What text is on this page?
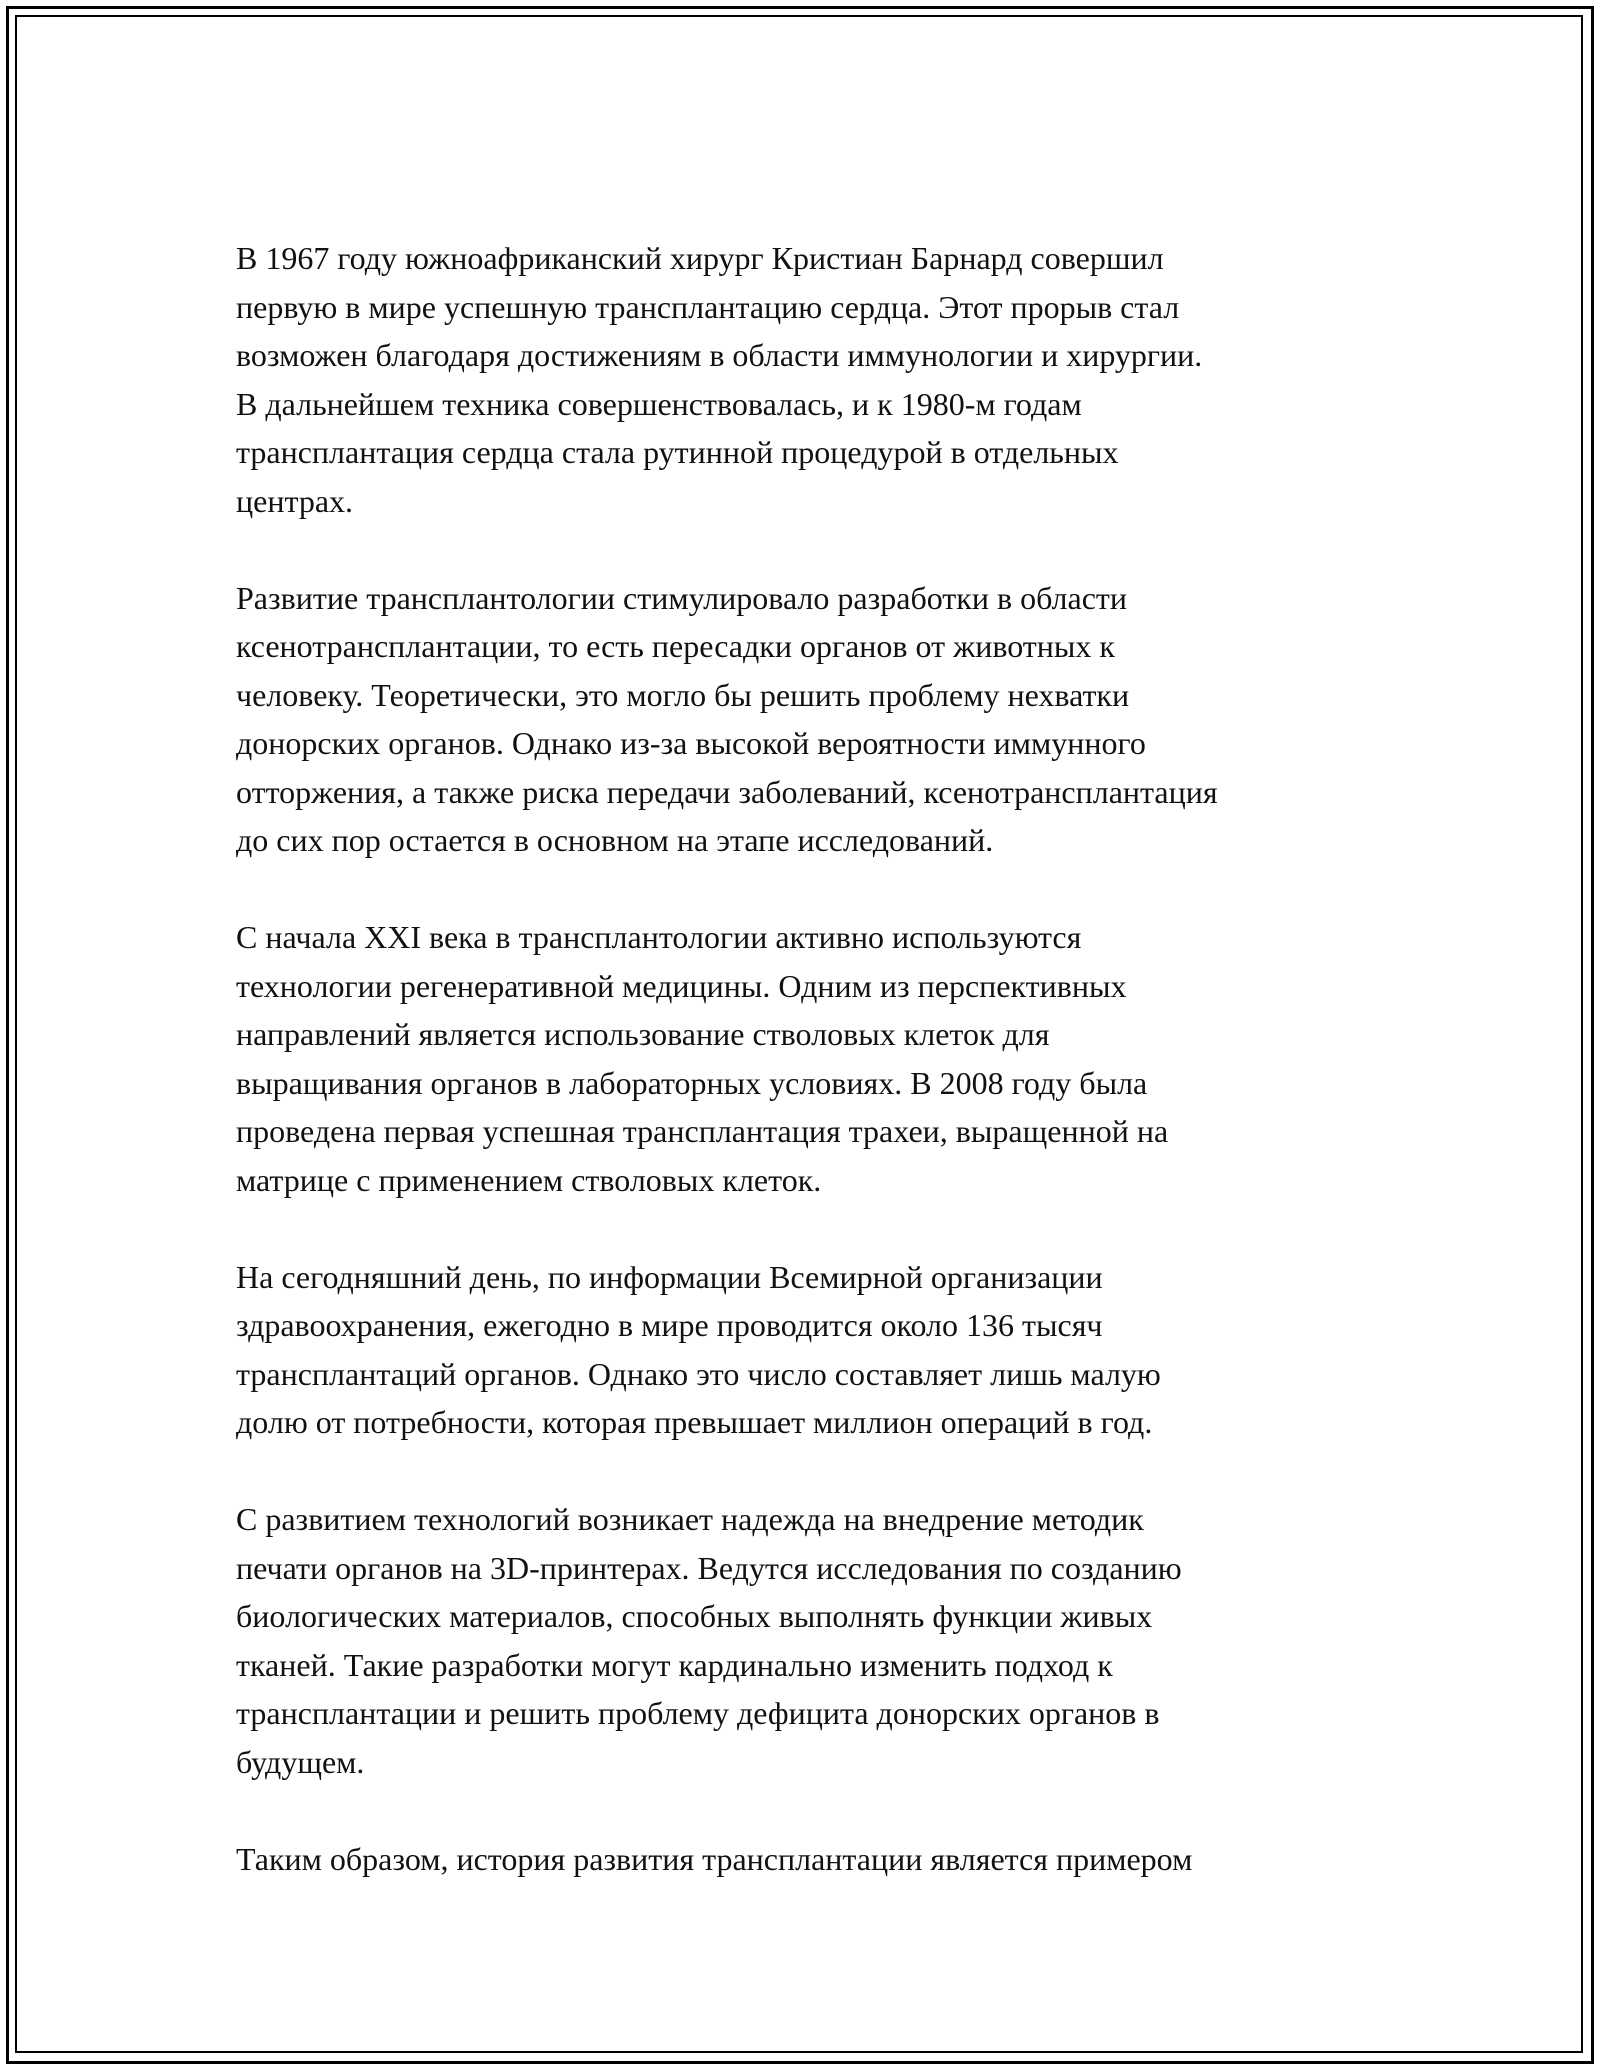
В 1967 году южноафриканский хирург Кристиан Барнард совершил
первую в мире успешную трансплантацию сердца. Этот прорыв стал
возможен благодаря достижениям в области иммунологии и хирургии.
В дальнейшем техника совершенствовалась, и к 1980-м годам
трансплантация сердца стала рутинной процедурой в отдельных
центрах.

Развитие трансплантологии стимулировало разработки в области
ксенотрансплантации, то есть пересадки органов от животных к
человеку. Теоретически, это могло бы решить проблему нехватки
донорских органов. Однако из-за высокой вероятности иммунного
отторжения, а также риска передачи заболеваний, ксенотрансплантация
до сих пор остается в основном на этапе исследований.

С начала XXI века в трансплантологии активно используются
технологии регенеративной медицины. Одним из перспективных
направлений является использование стволовых клеток для
выращивания органов в лабораторных условиях. В 2008 году была
проведена первая успешная трансплантация трахеи, выращенной на
матрице с применением стволовых клеток.

На сегодняшний день, по информации Всемирной организации
здравоохранения, ежегодно в мире проводится около 136 тысяч
трансплантаций органов. Однако это число составляет лишь малую
долю от потребности, которая превышает миллион операций в год.

С развитием технологий возникает надежда на внедрение методик
печати органов на 3D-принтерах. Ведутся исследования по созданию
биологических материалов, способных выполнять функции живых
тканей. Такие разработки могут кардинально изменить подход к
трансплантации и решить проблему дефицита донорских органов в
будущем.

Таким образом, история развития трансплантации является примером
